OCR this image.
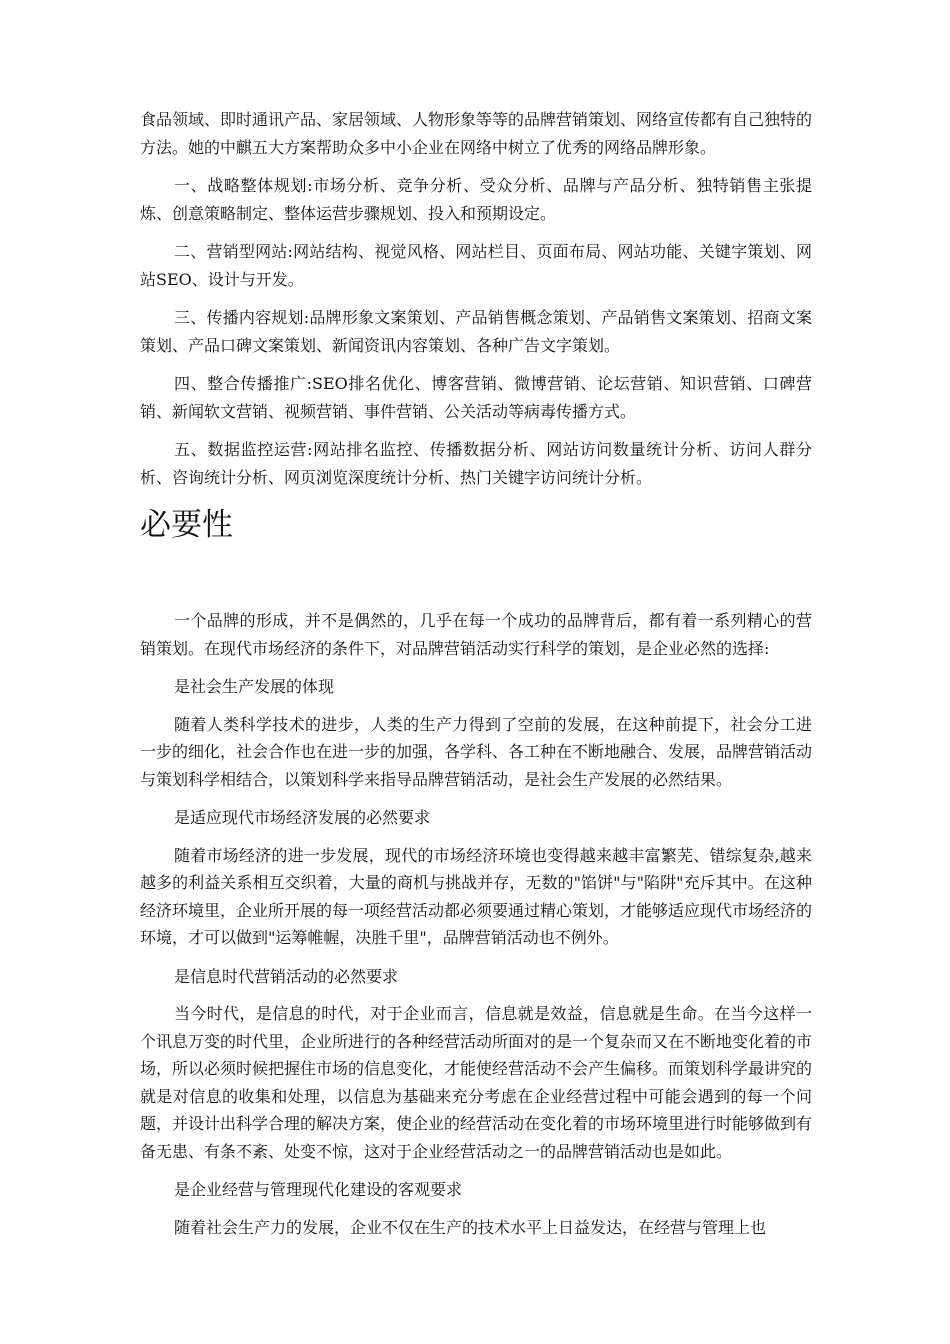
食品领域、即时通讯产品、家居领域、人物形象等等的品牌营销策划、网络宣传都有自己独特的方法。她的中麒五大方案帮助众多中小企业在网络中树立了优秀的网络品牌形象。

一、战略整体规划:市场分析、竞争分析、受众分析、品牌与产品分析、独特销售主张提炼、创意策略制定、整体运营步骤规划、投入和预期设定。

二、营销型网站:网站结构、视觉风格、网站栏目、页面布局、网站功能、关键字策划、网站SEO、设计与开发。

三、传播内容规划:品牌形象文案策划、产品销售概念策划、产品销售文案策划、招商文案策划、产品口碑文案策划、新闻资讯内容策划、各种广告文字策划。

四、整合传播推广:SEO排名优化、博客营销、微博营销、论坛营销、知识营销、口碑营销、新闻软文营销、视频营销、事件营销、公关活动等病毒传播方式。

五、数据监控运营:网站排名监控、传播数据分析、网站访问数量统计分析、访问人群分析、咨询统计分析、网页浏览深度统计分析、热门关键字访问统计分析。

必要性

一个品牌的形成，并不是偶然的，几乎在每一个成功的品牌背后，都有着一系列精心的营销策划。在现代市场经济的条件下，对品牌营销活动实行科学的策划，是企业必然的选择:

是社会生产发展的体现

随着人类科学技术的进步，人类的生产力得到了空前的发展，在这种前提下，社会分工进一步的细化，社会合作也在进一步的加强，各学科、各工种在不断地融合、发展，品牌营销活动与策划科学相结合，以策划科学来指导品牌营销活动，是社会生产发展的必然结果。

是适应现代市场经济发展的必然要求

随着市场经济的进一步发展，现代的市场经济环境也变得越来越丰富繁芜、错综复杂,越来越多的利益关系相互交织着，大量的商机与挑战并存，无数的"馅饼"与"陷阱"充斥其中。在这种经济环境里，企业所开展的每一项经营活动都必须要通过精心策划，才能够适应现代市场经济的环境，才可以做到"运筹帷幄，决胜千里"，品牌营销活动也不例外。

是信息时代营销活动的必然要求

当今时代，是信息的时代，对于企业而言，信息就是效益，信息就是生命。在当今这样一个讯息万变的时代里，企业所进行的各种经营活动所面对的是一个复杂而又在不断地变化着的市场，所以必须时候把握住市场的信息变化，才能使经营活动不会产生偏移。而策划科学最讲究的就是对信息的收集和处理，以信息为基础来充分考虑在企业经营过程中可能会遇到的每一个问题，并设计出科学合理的解决方案，使企业的经营活动在变化着的市场环境里进行时能够做到有备无患、有条不紊、处变不惊，这对于企业经营活动之一的品牌营销活动也是如此。

是企业经营与管理现代化建设的客观要求

随着社会生产力的发展，企业不仅在生产的技术水平上日益发达，在经营与管理上也
